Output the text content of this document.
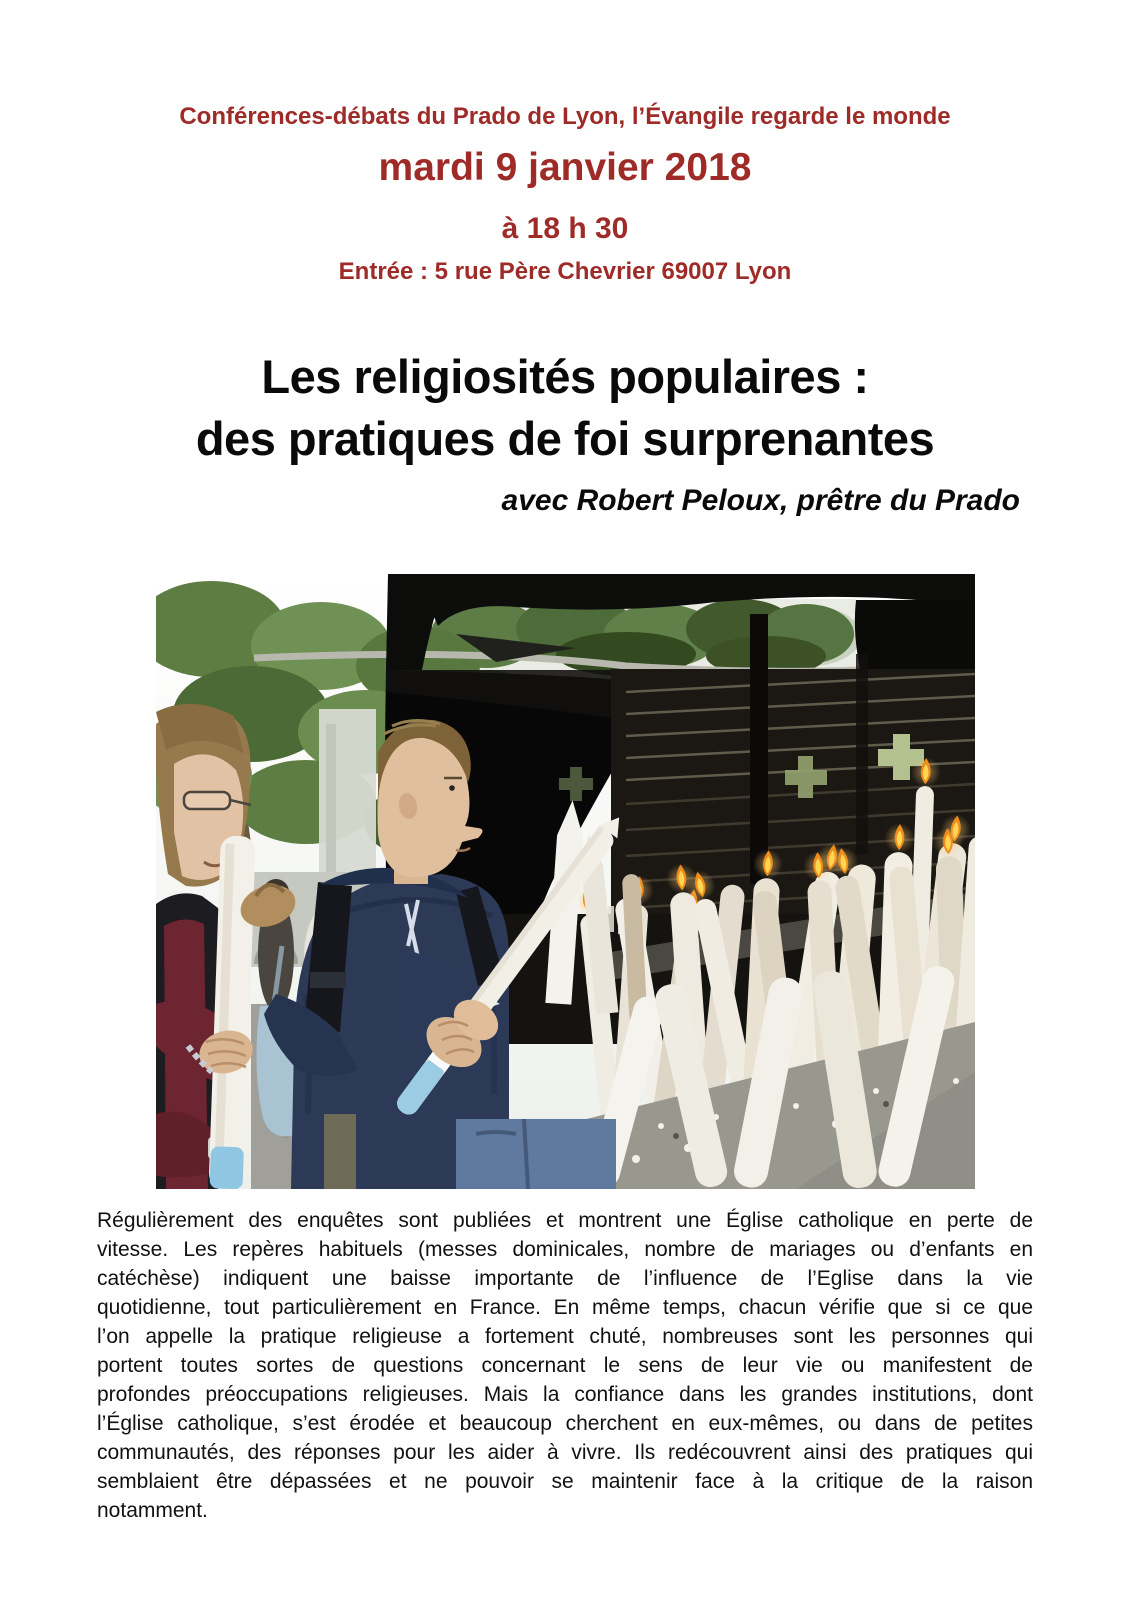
Conférences-débats du Prado de Lyon, l’Évangile regarde le monde
mardi 9 janvier 2018
à 18 h 30
Entrée : 5 rue Père Chevrier 69007 Lyon
Les religiosités populaires :
des pratiques de foi surprenantes
avec Robert Peloux, prêtre du Prado
Régulièrement des enquêtes sont publiées et montrent une Église catholique en perte de
vitesse. Les repères habituels (messes dominicales, nombre de mariages ou d’enfants en
catéchèse) indiquent une baisse importante de l’influence de l’Eglise dans la vie
quotidienne, tout particulièrement en France. En même temps, chacun vérifie que si ce que
l’on appelle la pratique religieuse a fortement chuté, nombreuses sont les personnes qui
portent toutes sortes de questions concernant le sens de leur vie ou manifestent de
profondes préoccupations religieuses. Mais la confiance dans les grandes institutions, dont
l’Église catholique, s’est érodée et beaucoup cherchent en eux-mêmes, ou dans de petites
communautés, des réponses pour les aider à vivre. Ils redécouvrent ainsi des pratiques qui
semblaient être dépassées et ne pouvoir se maintenir face à la critique de la raison
notamment.
